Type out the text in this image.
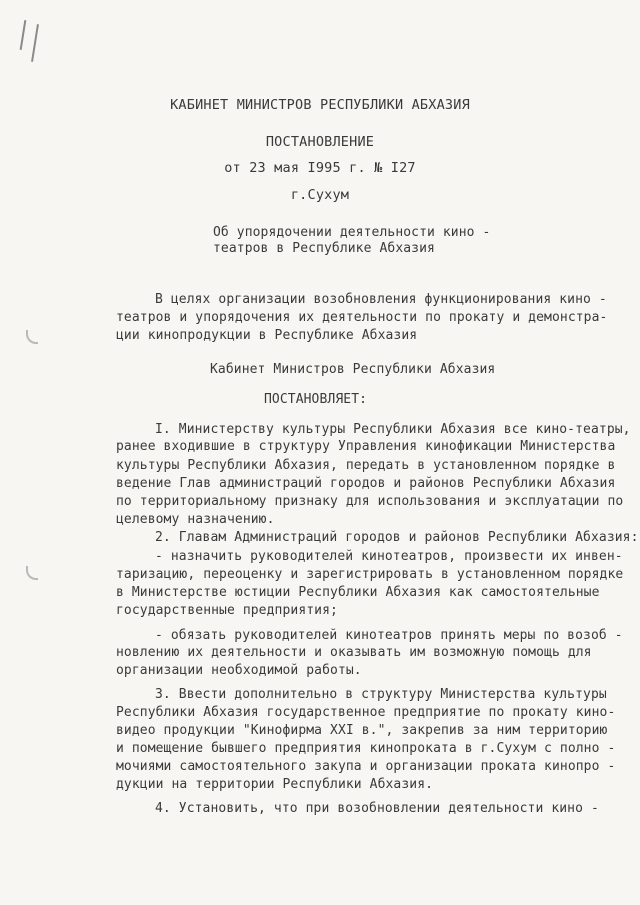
КАБИНЕТ МИНИСТРОВ РЕСПУБЛИКИ АБХАЗИЯ
ПОСТАНОВЛЕНИЕ
от 23 мая I995 г. № I27
г.Сухум
Об упорядочении деятельности кино -
театров в Республике Абхазия
В целях организации возобновления функционирования кино -
театров и упорядочения их деятельности по прокату и демонстра-
ции кинопродукции в Республике Абхазия
Кабинет Министров Республики Абхазия
ПОСТАНОВЛЯЕТ:
I. Министерству культуры Республики Абхазия все кино-театры,
ранее входившие в структуру Управления кинофикации Министерства
культуры Республики Абхазия, передать в установленном порядке в
ведение Глав администраций городов и районов Республики Абхазия
по территориальному признаку для использования и эксплуатации по
целевому назначению.
2. Главам Администраций городов и районов Республики Абхазия:
- назначить руководителей кинотеатров, произвести их инвен-
таризацию, переоценку и зарегистрировать в установленном порядке
в Министерстве юстиции Республики Абхазия как самостоятельные
государственные предприятия;
- обязать руководителей кинотеатров принять меры по возоб -
новлению их деятельности и оказывать им возможную помощь для
организации необходимой работы.
3. Ввести дополнительно в структуру Министерства культуры
Республики Абхазия государственное предприятие по прокату кино-
видео продукции "Кинофирма XXI в.", закрепив за ним территорию
и помещение бывшего предприятия кинопроката в г.Сухум с полно -
мочиями самостоятельного закупа и организации проката кинопро -
дукции на территории Республики Абхазия.
4. Установить, что при возобновлении деятельности кино -
